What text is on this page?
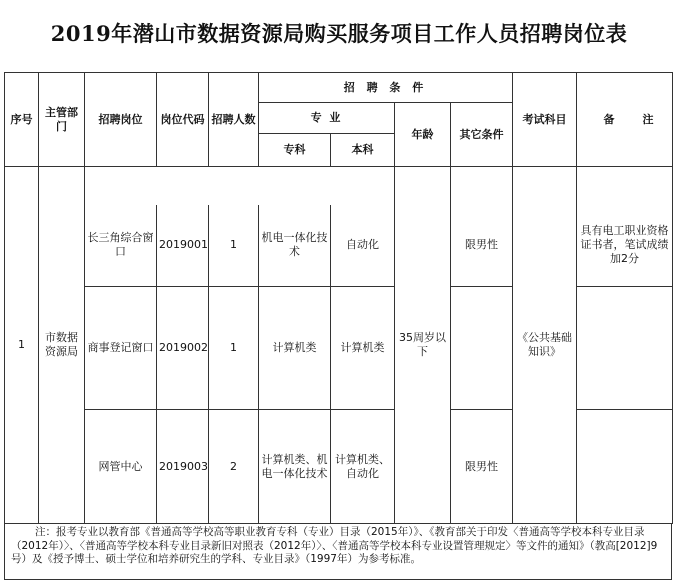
2019年潜山市数据资源局购买服务项目工作人员招聘岗位表
序号	主管部门	招聘岗位	岗位代码	招聘人数	招 聘 条 件				考试科目	备 注
					专 业		年龄	其它条件		
					专科	本科				
1	市数据资源局						35周岁以下		《公共基础知识》	
		长三角综合窗口	2019001	1	机电一体化技术	自动化		限男性		具有电工职业资格证书者，笔试成绩加2分
		商事登记窗口	2019002	1	计算机类	计算机类				
		网管中心	2019003	2	计算机类、机电一体化技术	计算机类、自动化		限男性		
注：报考专业以教育部《普通高等学校高等职业教育专科（专业）目录（2015年）》、《教育部关于印发〈普通高等学校本科专业目录（2012年）〉、〈普通高等学校本科专业目录新旧对照表（2012年）〉、〈普通高等学校本科专业设置管理规定〉等文件的通知》（教高[2012]9号）及《授予博士、硕士学位和培养研究生的学科、专业目录》（1997年）为参考标准。
